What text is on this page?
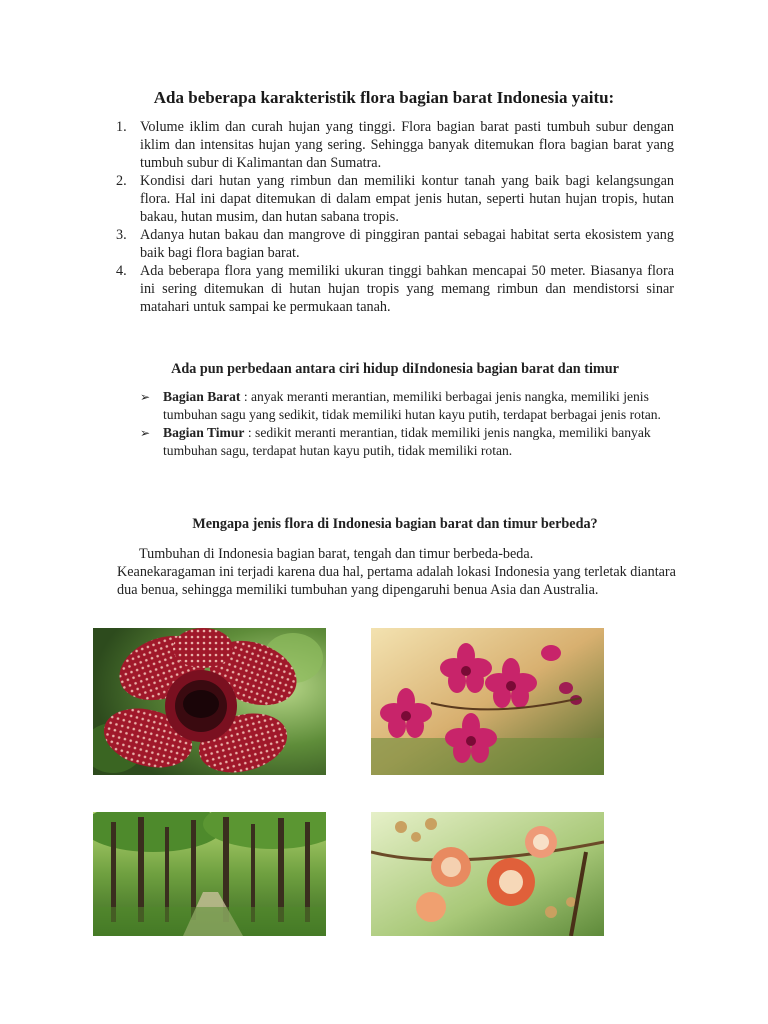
Ada beberapa karakteristik flora bagian barat Indonesia yaitu:
1. Volume iklim dan curah hujan yang tinggi. Flora bagian barat pasti tumbuh subur dengan iklim dan intensitas hujan yang sering. Sehingga banyak ditemukan flora bagian barat yang tumbuh subur di Kalimantan dan Sumatra.
2. Kondisi dari hutan yang rimbun dan memiliki kontur tanah yang baik bagi kelangsungan flora. Hal ini dapat ditemukan di dalam empat jenis hutan, seperti hutan hujan tropis, hutan bakau, hutan musim, dan hutan sabana tropis.
3. Adanya hutan bakau dan mangrove di pinggiran pantai sebagai habitat serta ekosistem yang baik bagi flora bagian barat.
4. Ada beberapa flora yang memiliki ukuran tinggi bahkan mencapai 50 meter. Biasanya flora ini sering ditemukan di hutan hujan tropis yang memang rimbun dan mendistorsi sinar matahari untuk sampai ke permukaan tanah.
Ada pun perbedaan antara ciri hidup diIndonesia bagian barat dan timur
➢ Bagian Barat : anyak meranti merantian, memiliki berbagai jenis nangka, memiliki jenis tumbuhan sagu yang sedikit, tidak memiliki hutan kayu putih, terdapat berbagai jenis rotan.
➢ Bagian Timur : sedikit meranti merantian, tidak memiliki jenis nangka, memiliki banyak tumbuhan sagu, terdapat hutan kayu putih, tidak memiliki rotan.
Mengapa jenis flora di Indonesia bagian barat dan timur berbeda?
Tumbuhan di Indonesia bagian barat, tengah dan timur berbeda-beda.
Keanekaragaman ini terjadi karena dua hal, pertama adalah lokasi Indonesia yang terletak diantara dua benua, sehingga memiliki tumbuhan yang dipengaruhi benua Asia dan Australia.
